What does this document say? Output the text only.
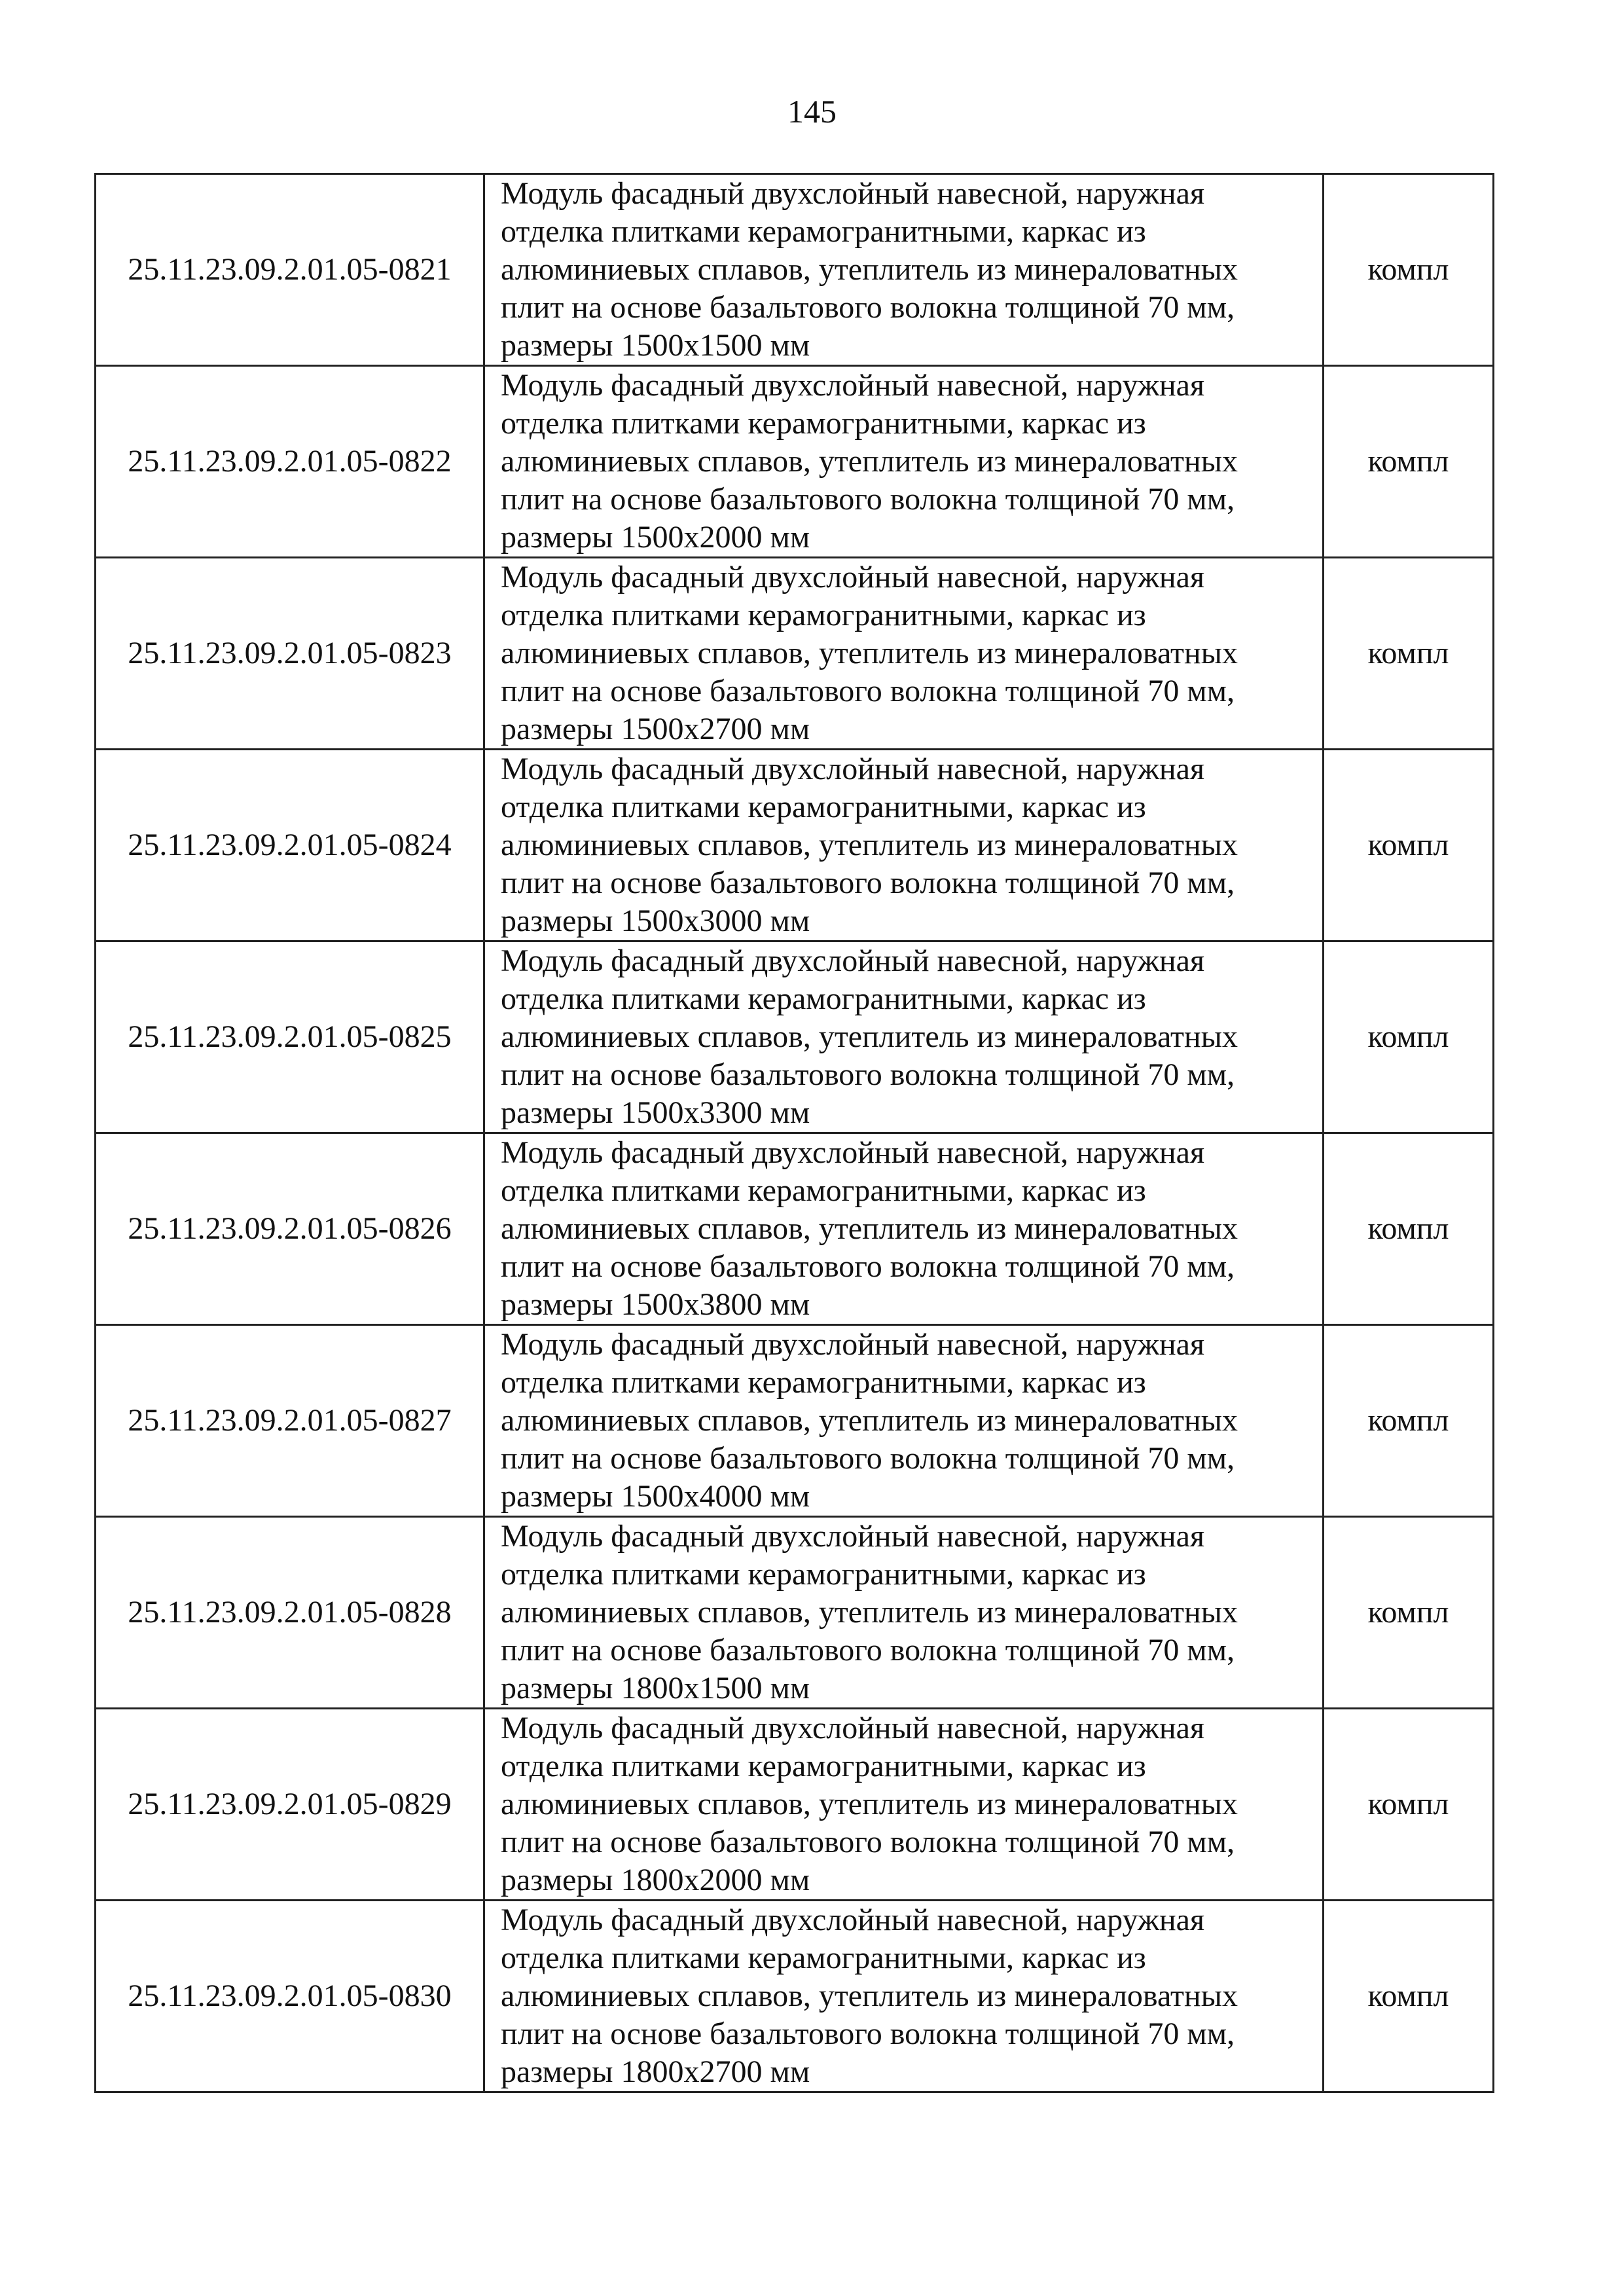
145
25.11.23.09.2.01.05-0821	Модуль фасадный двухслойный навесной, наружная
отделка плитками керамогранитными, каркас из
алюминиевых сплавов, утеплитель из минераловатных
плит на основе базальтового волокна толщиной 70 мм,
размеры 1500x1500 мм	компл
25.11.23.09.2.01.05-0822	Модуль фасадный двухслойный навесной, наружная
отделка плитками керамогранитными, каркас из
алюминиевых сплавов, утеплитель из минераловатных
плит на основе базальтового волокна толщиной 70 мм,
размеры 1500x2000 мм	компл
25.11.23.09.2.01.05-0823	Модуль фасадный двухслойный навесной, наружная
отделка плитками керамогранитными, каркас из
алюминиевых сплавов, утеплитель из минераловатных
плит на основе базальтового волокна толщиной 70 мм,
размеры 1500x2700 мм	компл
25.11.23.09.2.01.05-0824	Модуль фасадный двухслойный навесной, наружная
отделка плитками керамогранитными, каркас из
алюминиевых сплавов, утеплитель из минераловатных
плит на основе базальтового волокна толщиной 70 мм,
размеры 1500x3000 мм	компл
25.11.23.09.2.01.05-0825	Модуль фасадный двухслойный навесной, наружная
отделка плитками керамогранитными, каркас из
алюминиевых сплавов, утеплитель из минераловатных
плит на основе базальтового волокна толщиной 70 мм,
размеры 1500x3300 мм	компл
25.11.23.09.2.01.05-0826	Модуль фасадный двухслойный навесной, наружная
отделка плитками керамогранитными, каркас из
алюминиевых сплавов, утеплитель из минераловатных
плит на основе базальтового волокна толщиной 70 мм,
размеры 1500x3800 мм	компл
25.11.23.09.2.01.05-0827	Модуль фасадный двухслойный навесной, наружная
отделка плитками керамогранитными, каркас из
алюминиевых сплавов, утеплитель из минераловатных
плит на основе базальтового волокна толщиной 70 мм,
размеры 1500x4000 мм	компл
25.11.23.09.2.01.05-0828	Модуль фасадный двухслойный навесной, наружная
отделка плитками керамогранитными, каркас из
алюминиевых сплавов, утеплитель из минераловатных
плит на основе базальтового волокна толщиной 70 мм,
размеры 1800x1500 мм	компл
25.11.23.09.2.01.05-0829	Модуль фасадный двухслойный навесной, наружная
отделка плитками керамогранитными, каркас из
алюминиевых сплавов, утеплитель из минераловатных
плит на основе базальтового волокна толщиной 70 мм,
размеры 1800x2000 мм	компл
25.11.23.09.2.01.05-0830	Модуль фасадный двухслойный навесной, наружная
отделка плитками керамогранитными, каркас из
алюминиевых сплавов, утеплитель из минераловатных
плит на основе базальтового волокна толщиной 70 мм,
размеры 1800x2700 мм	компл
